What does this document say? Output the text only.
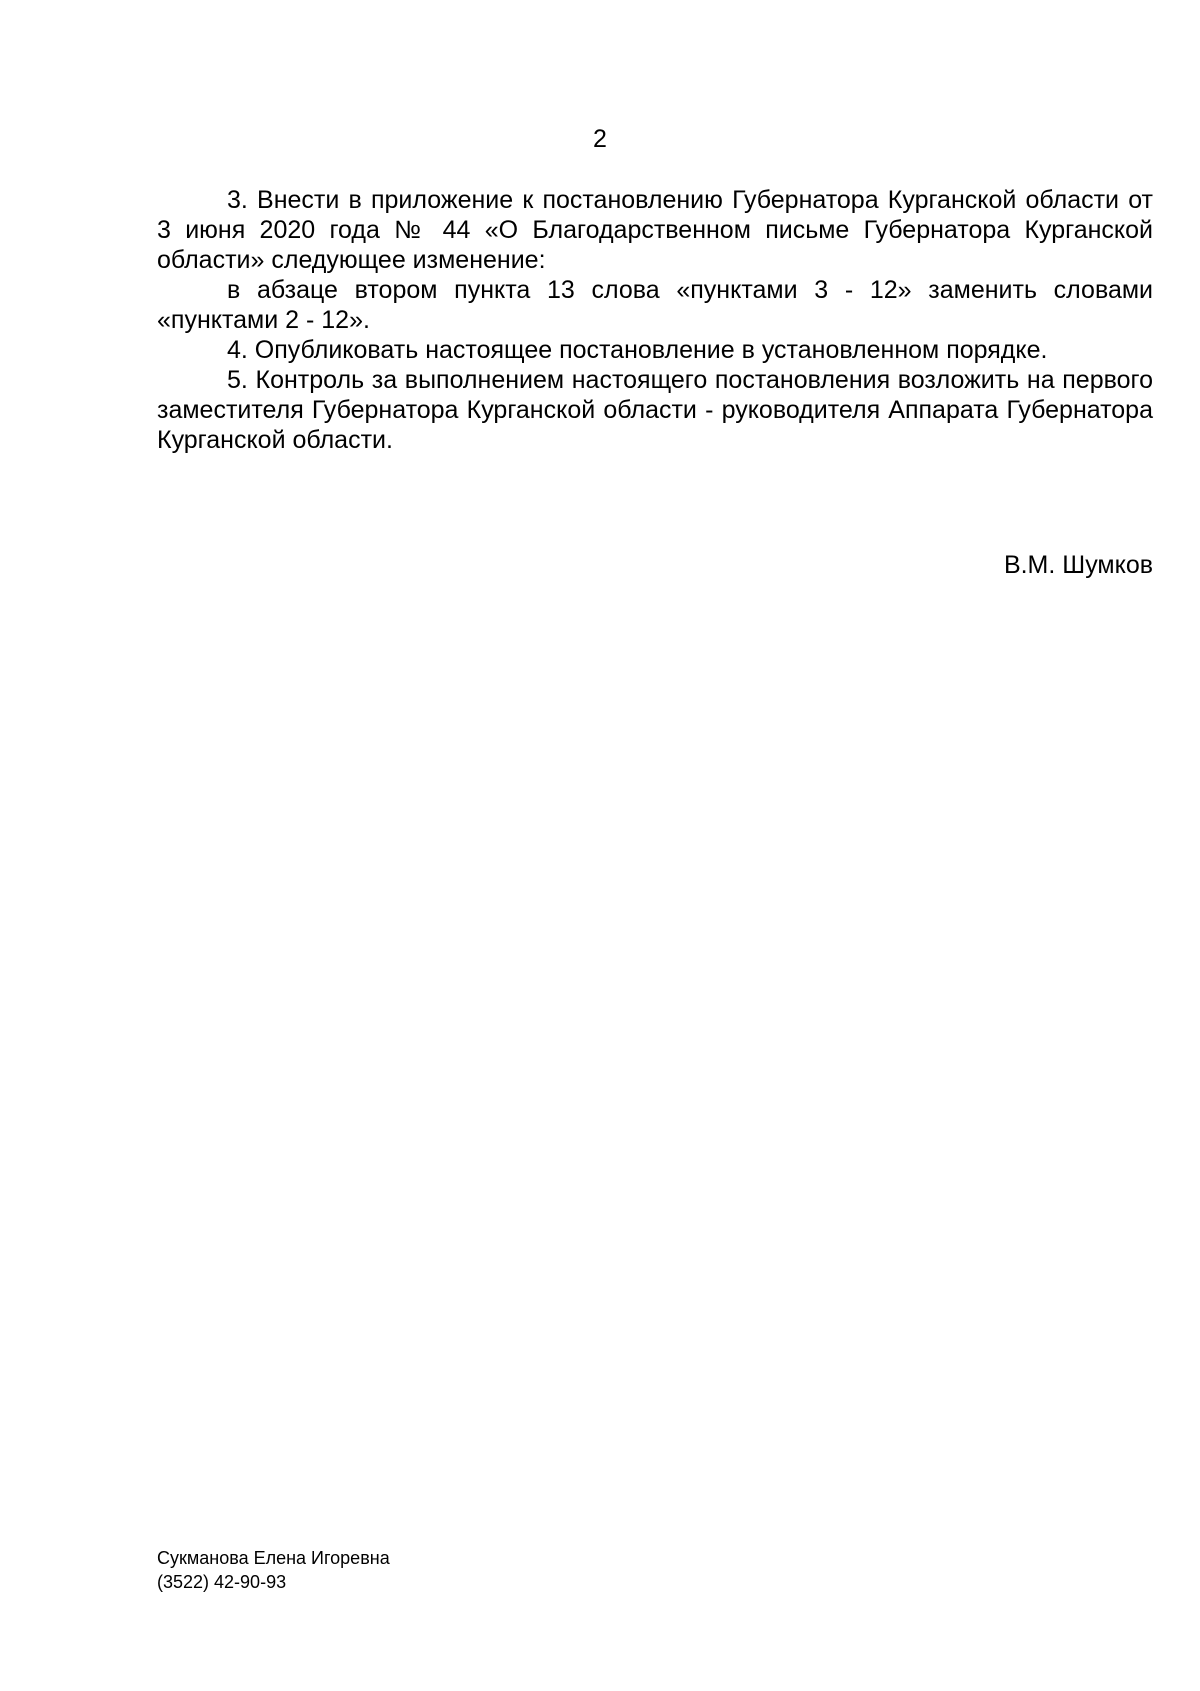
2

3. Внести в приложение к постановлению Губернатора Курганской области от 3 июня 2020 года № 44 «О Благодарственном письме Губернатора Курганской области» следующее изменение:

в абзаце втором пункта 13 слова «пунктами 3 - 12» заменить словами «пунктами 2 - 12».

4. Опубликовать настоящее постановление в установленном порядке.

5. Контроль за выполнением настоящего постановления возложить на первого заместителя Губернатора Курганской области - руководителя Аппарата Губернатора Курганской области.

В.М. Шумков
Сукманова Елена Игоревна
(3522) 42-90-93
